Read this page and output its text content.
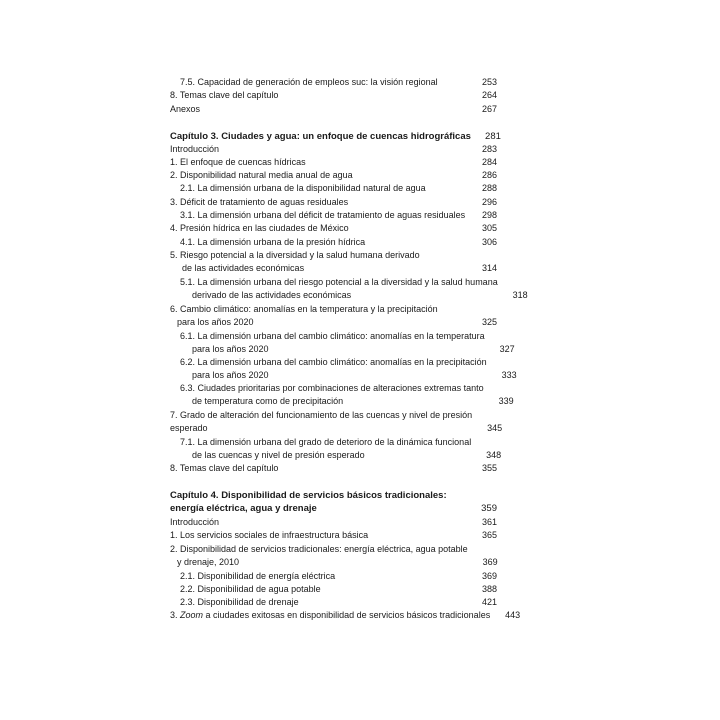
7.5. Capacidad de generación de empleos suc: la visión regional	253
8. Temas clave del capítulo	264
Anexos	267
Capítulo 3. Ciudades y agua: un enfoque de cuencas hidrográficas	281
Introducción	283
1. El enfoque de cuencas hídricas	284
2. Disponibilidad natural media anual de agua	286
2.1. La dimensión urbana de la disponibilidad natural de agua	288
3. Déficit de tratamiento de aguas residuales	296
3.1. La dimensión urbana del déficit de tratamiento de aguas residuales	298
4. Presión hídrica en las ciudades de México	305
4.1. La dimensión urbana de la presión hídrica	306
5. Riesgo potencial a la diversidad y la salud humana derivado
de las actividades económicas	314
5.1. La dimensión urbana del riesgo potencial a la diversidad y la salud humana
derivado de las actividades económicas	318
6. Cambio climático: anomalías en la temperatura y la precipitación
para los años 2020	325
6.1. La dimensión urbana del cambio climático: anomalías en la temperatura
para los años 2020	327
6.2. La dimensión urbana del cambio climático: anomalías en la precipitación
para los años 2020	333
6.3. Ciudades prioritarias por combinaciones de alteraciones extremas tanto
de temperatura como de precipitación	339
7. Grado de alteración del funcionamiento de las cuencas y nivel de presión
esperado	345
7.1. La dimensión urbana del grado de deterioro de la dinámica funcional
de las cuencas y nivel de presión esperado	348
8. Temas clave del capítulo	355
Capítulo 4. Disponibilidad de servicios básicos tradicionales:
energía eléctrica, agua y drenaje	359
Introducción	361
1. Los servicios sociales de infraestructura básica	365
2. Disponibilidad de servicios tradicionales: energía eléctrica, agua potable
y drenaje, 2010	369
2.1. Disponibilidad de energía eléctrica	369
2.2. Disponibilidad de agua potable	388
2.3. Disponibilidad de drenaje	421
3. Zoom a ciudades exitosas en disponibilidad de servicios básicos tradicionales	443
